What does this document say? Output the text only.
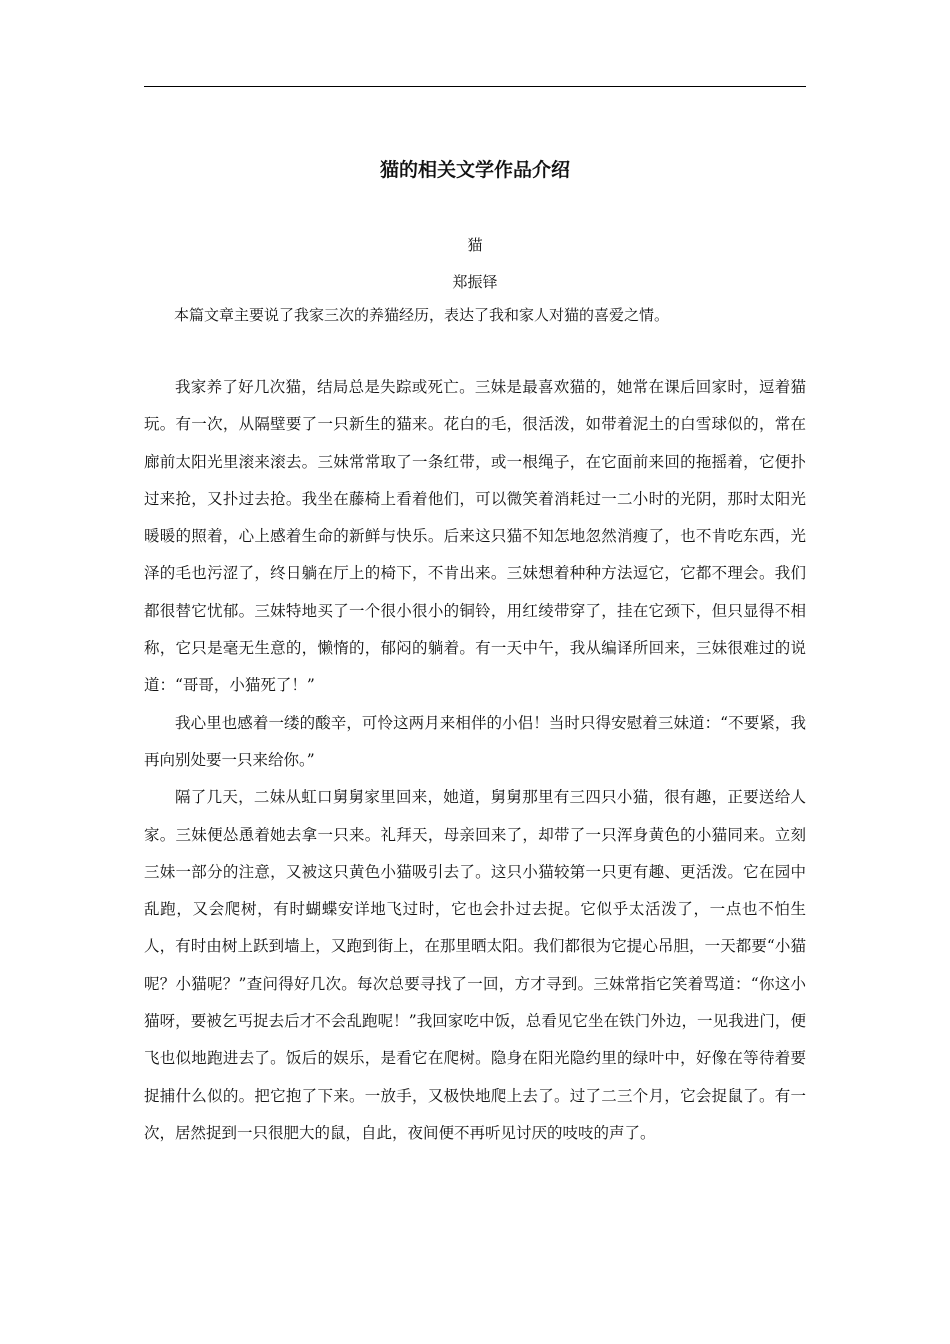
猫的相关文学作品介绍

猫

郑振铎

本篇文章主要说了我家三次的养猫经历，表达了我和家人对猫的喜爱之情。

我家养了好几次猫，结局总是失踪或死亡。三妹是最喜欢猫的，她常在课后回家时，逗着猫玩。有一次，从隔壁要了一只新生的猫来。花白的毛，很活泼，如带着泥土的白雪球似的，常在廊前太阳光里滚来滚去。三妹常常取了一条红带，或一根绳子，在它面前来回的拖摇着，它便扑过来抢，又扑过去抢。我坐在藤椅上看着他们，可以微笑着消耗过一二小时的光阴，那时太阳光暖暖的照着，心上感着生命的新鲜与快乐。后来这只猫不知怎地忽然消瘦了，也不肯吃东西，光泽的毛也污涩了，终日躺在厅上的椅下，不肯出来。三妹想着种种方法逗它，它都不理会。我们都很替它忧郁。三妹特地买了一个很小很小的铜铃，用红绫带穿了，挂在它颈下，但只显得不相称，它只是毫无生意的，懒惰的，郁闷的躺着。有一天中午，我从编译所回来，三妹很难过的说道：“哥哥，小猫死了！”

我心里也感着一缕的酸辛，可怜这两月来相伴的小侣！当时只得安慰着三妹道：“不要紧，我再向别处要一只来给你。”

隔了几天，二妹从虹口舅舅家里回来，她道，舅舅那里有三四只小猫，很有趣，正要送给人家。三妹便怂恿着她去拿一只来。礼拜天，母亲回来了，却带了一只浑身黄色的小猫同来。立刻三妹一部分的注意，又被这只黄色小猫吸引去了。这只小猫较第一只更有趣、更活泼。它在园中乱跑，又会爬树，有时蝴蝶安详地飞过时，它也会扑过去捉。它似乎太活泼了，一点也不怕生人，有时由树上跃到墙上，又跑到街上，在那里晒太阳。我们都很为它提心吊胆，一天都要“小猫呢？小猫呢？”查问得好几次。每次总要寻找了一回，方才寻到。三妹常指它笑着骂道：“你这小猫呀，要被乞丐捉去后才不会乱跑呢！”我回家吃中饭，总看见它坐在铁门外边，一见我进门，便飞也似地跑进去了。饭后的娱乐，是看它在爬树。隐身在阳光隐约里的绿叶中，好像在等待着要捉捕什么似的。把它抱了下来。一放手，又极快地爬上去了。过了二三个月，它会捉鼠了。有一次，居然捉到一只很肥大的鼠，自此，夜间便不再听见讨厌的吱吱的声了。
